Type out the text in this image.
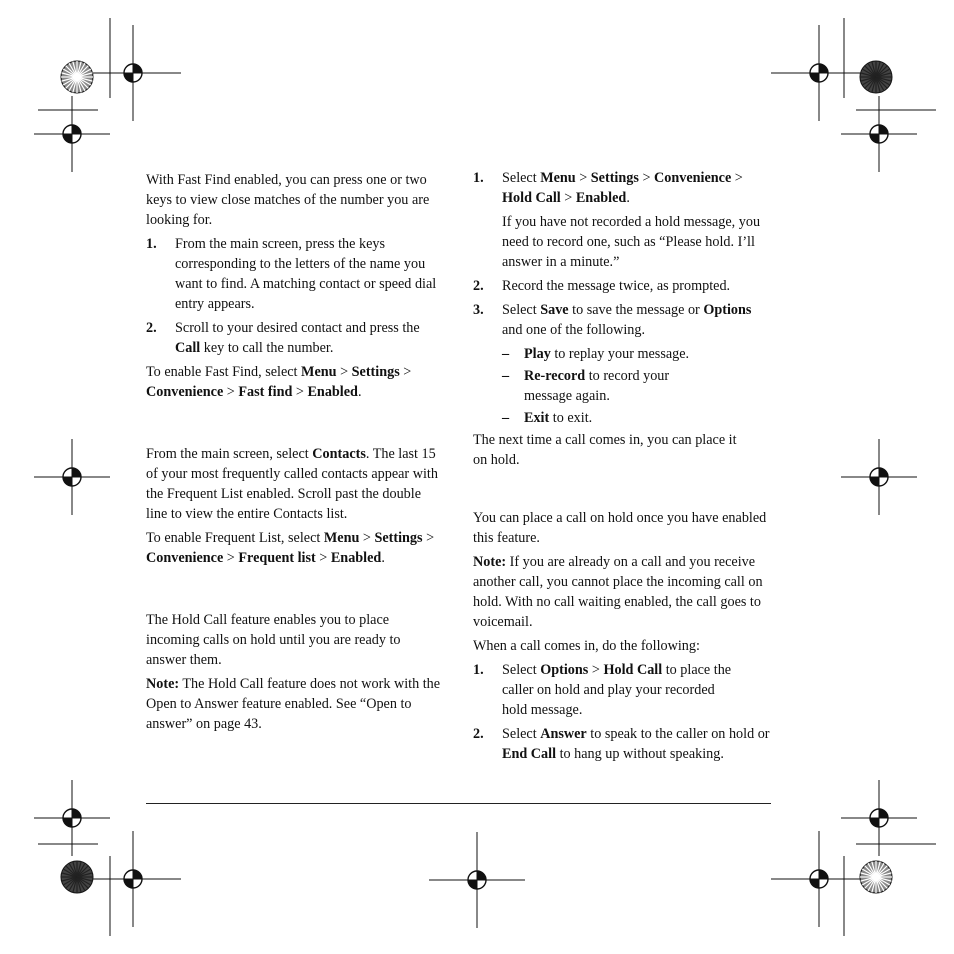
With Fast Find enabled, you can press one or two keys to view close matches of the number you are looking for.

1. From the main screen, press the keys corresponding to the letters of the name you want to find. A matching contact or speed dial entry appears.
2. Scroll to your desired contact and press the Call key to call the number.

To enable Fast Find, select Menu > Settings > Convenience > Fast find > Enabled.

From the main screen, select Contacts. The last 15 of your most frequently called contacts appear with the Frequent List enabled. Scroll past the double line to view the entire Contacts list.

To enable Frequent List, select Menu > Settings > Convenience > Frequent list > Enabled.

The Hold Call feature enables you to place incoming calls on hold until you are ready to answer them.

Note: The Hold Call feature does not work with the Open to Answer feature enabled. See “Open to answer” on page 43.

1. Select Menu > Settings > Convenience > Hold Call > Enabled.

If you have not recorded a hold message, you need to record one, such as “Please hold. I’ll answer in a minute.”

2. Record the message twice, as prompted.
3. Select Save to save the message or Options and one of the following.
– Play to replay your message.
– Re-record to record your message again.
– Exit to exit.

The next time a call comes in, you can place it on hold.

You can place a call on hold once you have enabled this feature.

Note: If you are already on a call and you receive another call, you cannot place the incoming call on hold. With no call waiting enabled, the call goes to voicemail.

When a call comes in, do the following:

1. Select Options > Hold Call to place the caller on hold and play your recorded hold message.
2. Select Answer to speak to the caller on hold or End Call to hang up without speaking.
